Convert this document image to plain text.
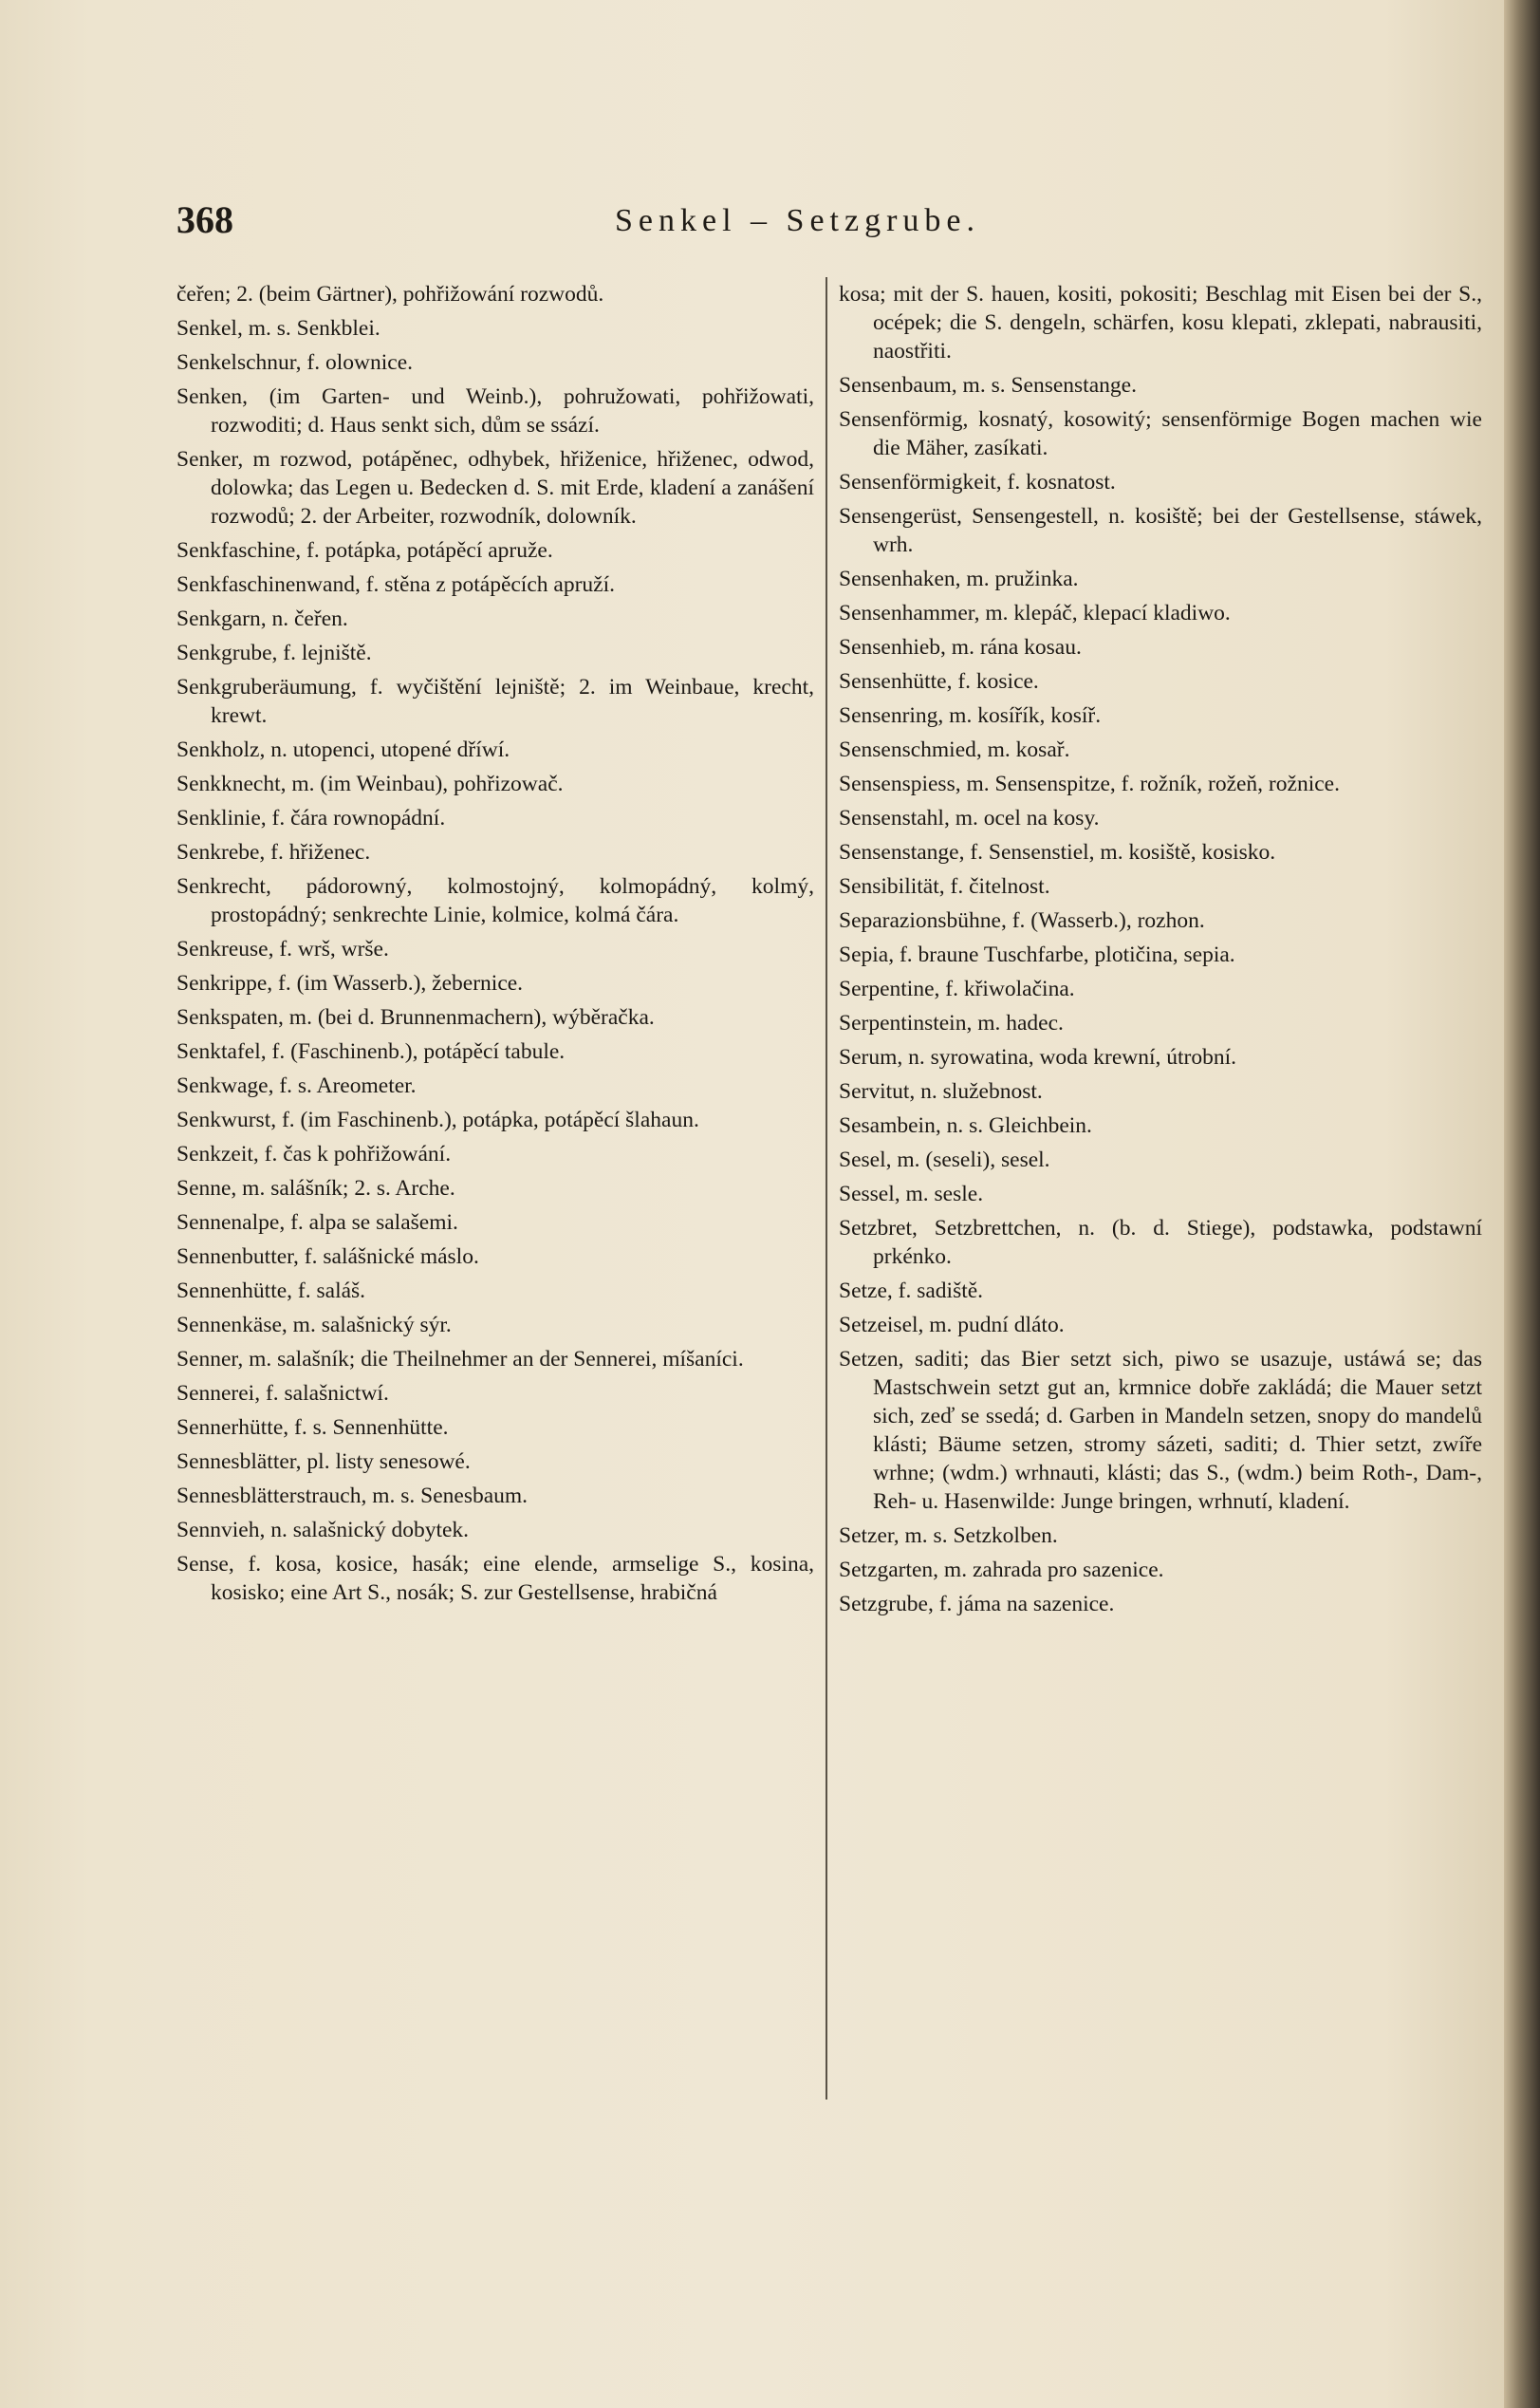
368	Senkel – Setzgrube.

čeřen; 2. (beim Gärtner), pohřižowání rozwodů.

Senkel, m. s. Senkblei.

Senkelschnur, f. olownice.

Senken, (im Garten- und Weinb.), pohružowati, pohřižowati, rozwoditi; d. Haus senkt sich, dům se ssází.

Senker, m rozwod, potápěnec, odhybek, hřiženice, hřiženec, odwod, dolowka; das Legen u. Bedecken d. S. mit Erde, kladení a zanášení rozwodů; 2. der Arbeiter, rozwodník, dolowník.

Senkfaschine, f. potápka, potápěcí apruže.

Senkfaschinenwand, f. stěna z potápěcích apruží.

Senkgarn, n. čeřen.

Senkgrube, f. lejniště.

Senkgruberäumung, f. wyčištění lejniště; 2. im Weinbaue, krecht, krewt.

Senkholz, n. utopenci, utopené dříwí.

Senkknecht, m. (im Weinbau), pohřizowač.

Senklinie, f. čára rownopádní.

Senkrebe, f. hřiženec.

Senkrecht, pádorowný, kolmostojný, kolmopádný, kolmý, prostopádný; senkrechte Linie, kolmice, kolmá čára.

Senkreuse, f. wrš, wrše.

Senkrippe, f. (im Wasserb.), žebernice.

Senkspaten, m. (bei d. Brunnenmachern), wýběračka.

Senktafel, f. (Faschinenb.), potápěcí tabule.

Senkwage, f. s. Areometer.

Senkwurst, f. (im Faschinenb.), potápka, potápěcí šlahaun.

Senkzeit, f. čas k pohřižowání.

Senne, m. salášník; 2. s. Arche.

Sennenalpe, f. alpa se salašemi.

Sennenbutter, f. salášnické máslo.

Sennenhütte, f. saláš.

Sennenkäse, m. salašnický sýr.

Senner, m. salašník; die Theilnehmer an der Sennerei, míšaníci.

Sennerei, f. salašnictwí.

Sennerhütte, f. s. Sennenhütte.

Sennesblätter, pl. listy senesowé.

Sennesblätterstrauch, m. s. Senesbaum.

Sennvieh, n. salašnický dobytek.

Sense, f. kosa, kosice, hasák; eine elende, armselige S., kosina, kosisko; eine Art S., nosák; S. zur Gestellsense, hrabičná

kosa; mit der S. hauen, kositi, pokositi; Beschlag mit Eisen bei der S., océpek; die S. dengeln, schärfen, kosu klepati, zklepati, nabrausiti, naostřiti.

Sensenbaum, m. s. Sensenstange.

Sensenförmig, kosnatý, kosowitý; sensenförmige Bogen machen wie die Mäher, zasíkati.

Sensenförmigkeit, f. kosnatost.

Sensengerüst, Sensengestell, n. kosiště; bei der Gestellsense, stáwek, wrh.

Sensenhaken, m. pružinka.

Sensenhammer, m. klepáč, klepací kladiwo.

Sensenhieb, m. rána kosau.

Sensenhütte, f. kosice.

Sensenring, m. kosířík, kosíř.

Sensenschmied, m. kosař.

Sensenspiess, m. Sensenspitze, f. rožník, rožeň, rožnice.

Sensenstahl, m. ocel na kosy.

Sensenstange, f. Sensenstiel, m. kosiště, kosisko.

Sensibilität, f. čitelnost.

Separazionsbühne, f. (Wasserb.), rozhon.

Sepia, f. braune Tuschfarbe, plotičina, sepia.

Serpentine, f. křiwolačina.

Serpentinstein, m. hadec.

Serum, n. syrowatina, woda krewní, útrobní.

Servitut, n. služebnost.

Sesambein, n. s. Gleichbein.

Sesel, m. (seseli), sesel.

Sessel, m. sesle.

Setzbret, Setzbrettchen, n. (b. d. Stiege), podstawka, podstawní prkénko.

Setze, f. sadiště.

Setzeisel, m. pudní dláto.

Setzen, saditi; das Bier setzt sich, piwo se usazuje, ustáwá se; das Mastschwein setzt gut an, krmnice dobře zakládá; die Mauer setzt sich, zeď se ssedá; d. Garben in Mandeln setzen, snopy do mandelů klásti; Bäume setzen, stromy sázeti, saditi; d. Thier setzt, zwíře wrhne; (wdm.) wrhnauti, klásti; das S., (wdm.) beim Roth-, Dam-, Reh- u. Hasenwilde: Junge bringen, wrhnutí, kladení.

Setzer, m. s. Setzkolben.

Setzgarten, m. zahrada pro sazenice.

Setzgrube, f. jáma na sazenice.
